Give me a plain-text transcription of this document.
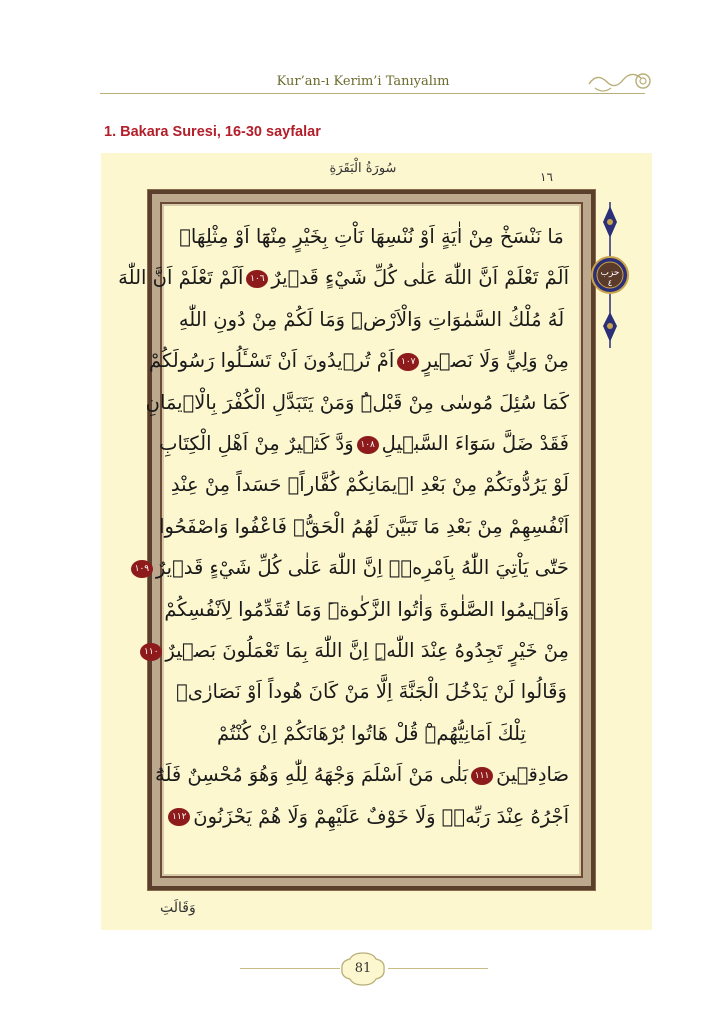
Kur’an-ı Kerim’i Tanıyalım
1. Bakara Suresi, 16-30 sayfalar
سُورَةُ الْبَقَرَةِ
١٦
مَا نَنْسَخْ مِنْ اٰيَةٍ اَوْ نُنْسِهَا نَاْتِ بِخَيْرٍ مِنْهَٓا اَوْ مِثْلِهَاۜ
اَلَمْ تَعْلَمْ اَنَّ اللّٰهَ عَلٰى كُلِّ شَيْءٍ قَد۪يرٌ١٠٦اَلَمْ تَعْلَمْ اَنَّ اللّٰهَ
لَهُ مُلْكُ السَّمٰوَاتِ وَالْاَرْضِۜ وَمَا لَكُمْ مِنْ دُونِ اللّٰهِ
مِنْ وَلِيٍّ وَلَا نَص۪يرٍ١٠٧اَمْ تُر۪يدُونَ اَنْ تَسْـَٔلُوا رَسُولَكُمْ
كَمَا سُئِلَ مُوسٰى مِنْ قَبْلُۜ وَمَنْ يَتَبَدَّلِ الْكُفْرَ بِالْا۪يمَانِ
فَقَدْ ضَلَّ سَوَٓاءَ السَّب۪يلِ١٠٨وَدَّ كَث۪يرٌ مِنْ اَهْلِ الْكِتَابِ
لَوْ يَرُدُّونَكُمْ مِنْ بَعْدِ ا۪يمَانِكُمْ كُفَّاراًۚ حَسَداً مِنْ عِنْدِ
اَنْفُسِهِمْ مِنْ بَعْدِ مَا تَبَيَّنَ لَهُمُ الْحَقُّۚ فَاعْفُوا وَاصْفَحُوا
حَتّٰى يَاْتِيَ اللّٰهُ بِاَمْرِه۪ۜ اِنَّ اللّٰهَ عَلٰى كُلِّ شَيْءٍ قَد۪يرٌ١٠٩
وَاَق۪يمُوا الصَّلٰوةَ وَاٰتُوا الزَّكٰوةَۜ وَمَا تُقَدِّمُوا لِاَنْفُسِكُمْ
مِنْ خَيْرٍ تَجِدُوهُ عِنْدَ اللّٰهِۜ اِنَّ اللّٰهَ بِمَا تَعْمَلُونَ بَص۪يرٌ١١٠
وَقَالُوا لَنْ يَدْخُلَ الْجَنَّةَ اِلَّا مَنْ كَانَ هُوداً اَوْ نَصَارٰىۜ
تِلْكَ اَمَانِيُّهُمْۜ قُلْ هَاتُوا بُرْهَانَكُمْ اِنْ كُنْتُمْ
صَادِق۪ينَ١١١بَلٰى مَنْ اَسْلَمَ وَجْهَهُ لِلّٰهِ وَهُوَ مُحْسِنٌ فَلَهُٓ
اَجْرُهُ عِنْدَ رَبِّه۪ۖ وَلَا خَوْفٌ عَلَيْهِمْ وَلَا هُمْ يَحْزَنُونَ١١٢
حزب
٤
وَقَالَتِ
81
